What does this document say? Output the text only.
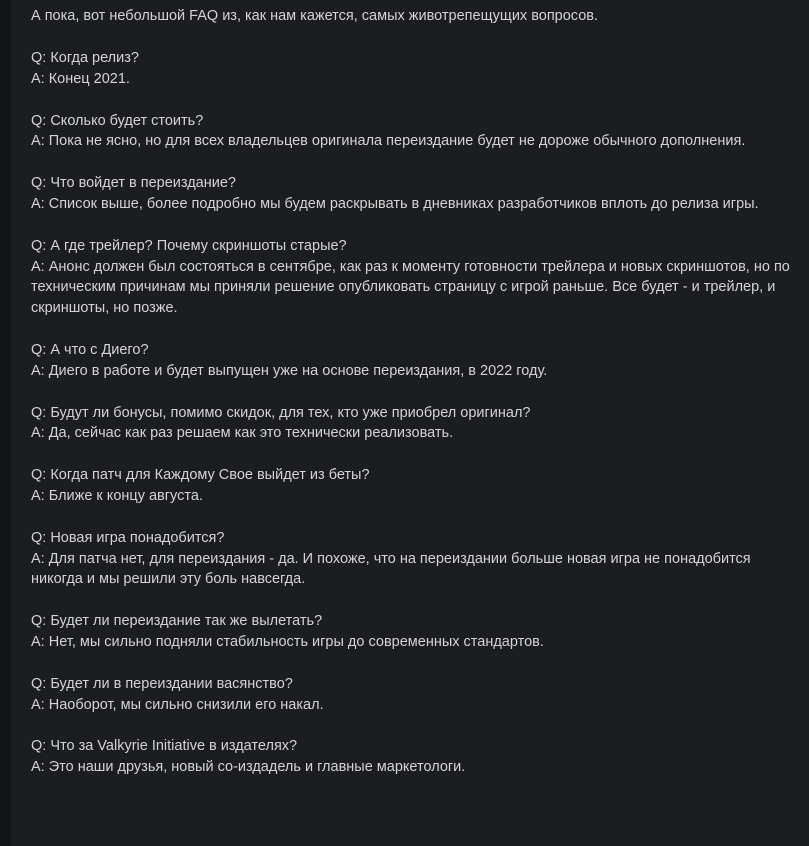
А пока, вот небольшой FAQ из, как нам кажется, самых животрепещущих вопросов.
Q: Когда релиз?
A: Конец 2021.
Q: Сколько будет стоить?
A: Пока не ясно, но для всех владельцев оригинала переиздание будет не дороже обычного дополнения.
Q: Что войдет в переиздание?
A: Список выше, более подробно мы будем раскрывать в дневниках разработчиков вплоть до релиза игры.
Q: А где трейлер? Почему скриншоты старые?
A: Анонс должен был состояться в сентябре, как раз к моменту готовности трейлера и новых скриншотов, но по техническим причинам мы приняли решение опубликовать страницу с игрой раньше. Все будет - и трейлер, и скриншоты, но позже.
Q: А что с Диего?
A: Диего в работе и будет выпущен уже на основе переиздания, в 2022 году.
Q: Будут ли бонусы, помимо скидок, для тех, кто уже приобрел оригинал?
A: Да, сейчас как раз решаем как это технически реализовать.
Q: Когда патч для Каждому Свое выйдет из беты?
A: Ближе к концу августа.
Q: Новая игра понадобится?
A: Для патча нет, для переиздания - да. И похоже, что на переиздании больше новая игра не понадобится никогда и мы решили эту боль навсегда.
Q: Будет ли переиздание так же вылетать?
A: Нет, мы сильно подняли стабильность игры до современных стандартов.
Q: Будет ли в переиздании васянство?
A: Наоборот, мы сильно снизили его накал.
Q: Что за Valkyrie Initiative в издателях?
A: Это наши друзья, новый со-издадель и главные маркетологи.
